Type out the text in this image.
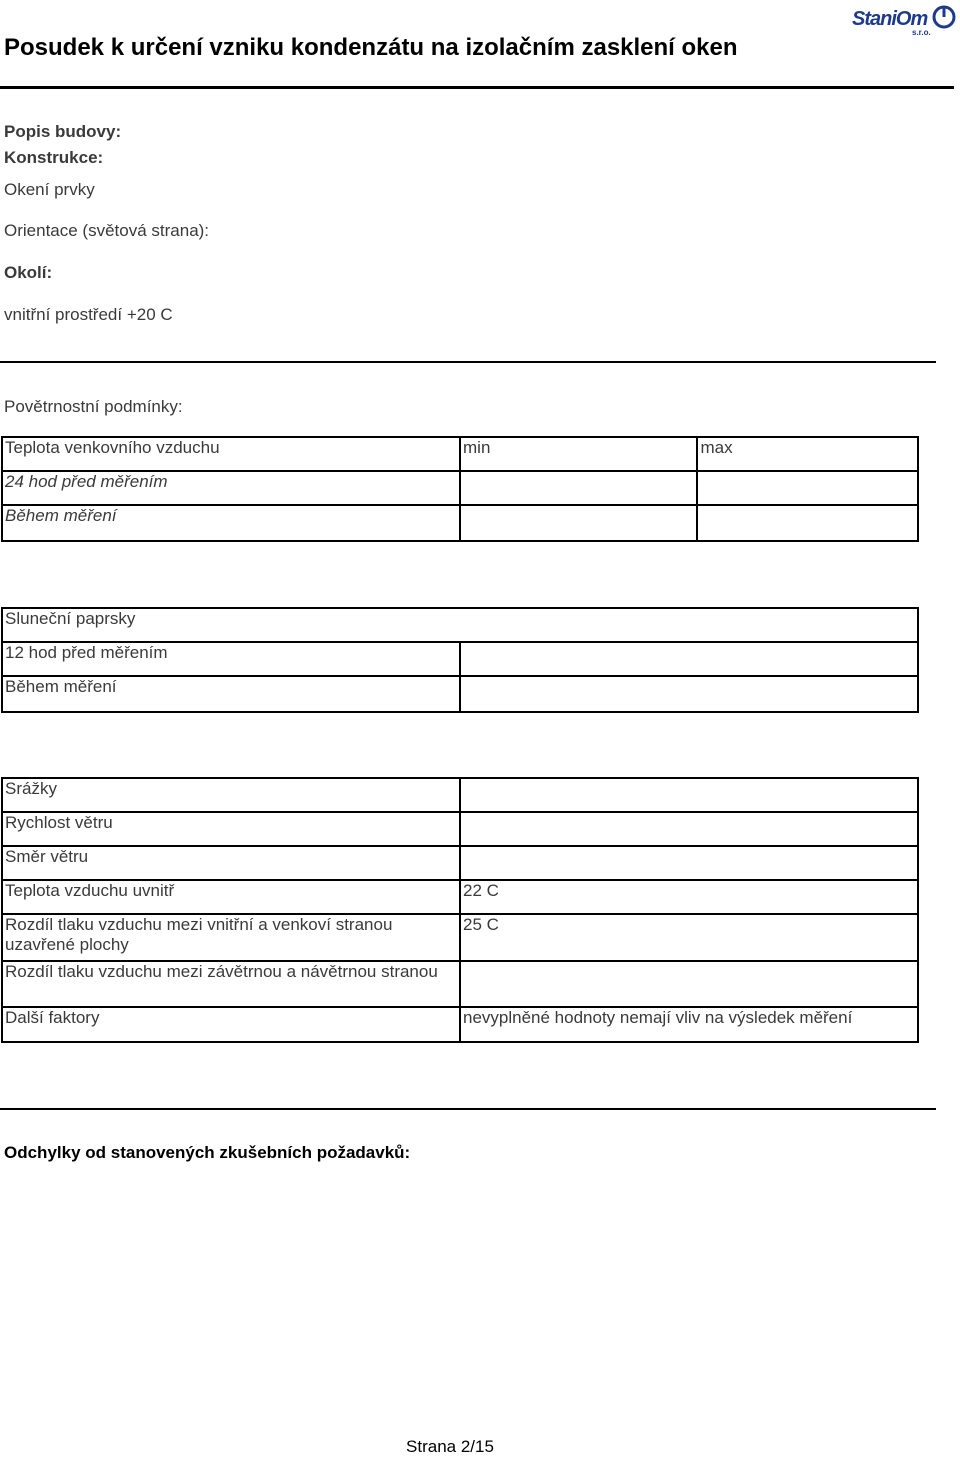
Posudek k určení vzniku kondenzátu na izolačním zasklení oken
StaniOm
s.r.o.
Popis budovy:
Konstrukce:
Okení prvky
Orientace (světová strana):
Okolí:
vnitřní prostředí +20 C
Povětrnostní podmínky:
Teplota venkovního vzduchu	min	max
24 hod před měřením		
Během měření		
Sluneční paprsky	
12 hod před měřením	
Během měření	
Srážky	
Rychlost větru	
Směr větru	
Teplota vzduchu uvnitř	22 C
Rozdíl tlaku vzduchu mezi vnitřní a venkoví stranou uzavřené plochy	25 C
Rozdíl tlaku vzduchu mezi závětrnou a návětrnou stranou	
Další faktory	nevyplněné hodnoty nemají vliv na výsledek měření
Odchylky od stanovených zkušebních požadavků:
Strana 2/15
